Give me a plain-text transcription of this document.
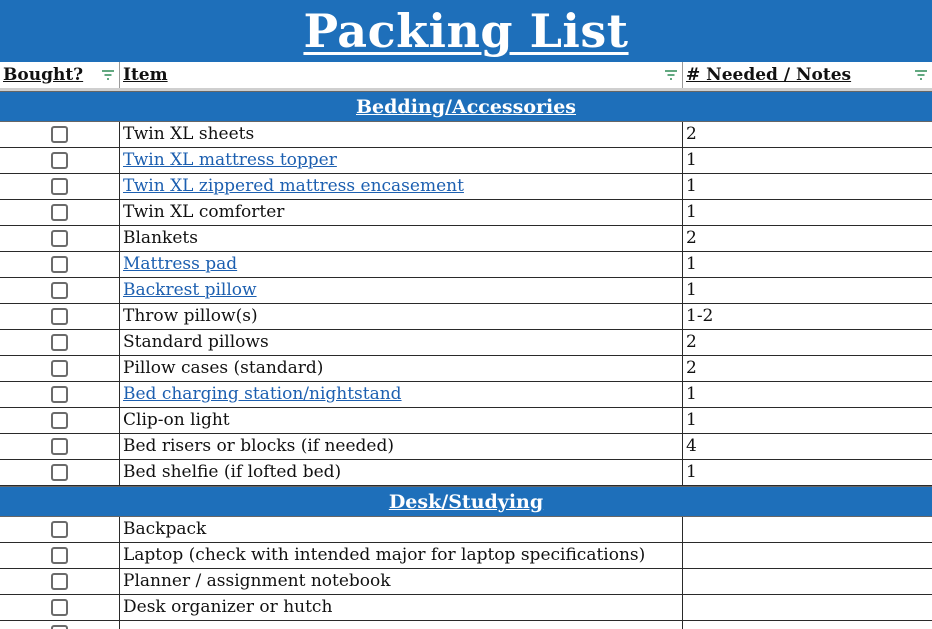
Packing List
Bought?	Item	# Needed / Notes
Bedding/Accessories
Twin XL sheets	2
Twin XL mattress topper	1
Twin XL zippered mattress encasement	1
Twin XL comforter	1
Blankets	2
Mattress pad	1
Backrest pillow	1
Throw pillow(s)	1-2
Standard pillows	2
Pillow cases (standard)	2
Bed charging station/nightstand	1
Clip-on light	1
Bed risers or blocks (if needed)	4
Bed shelfie (if lofted bed)	1
Desk/Studying
Backpack
Laptop (check with intended major for laptop specifications)
Planner / assignment notebook
Desk organizer or hutch
